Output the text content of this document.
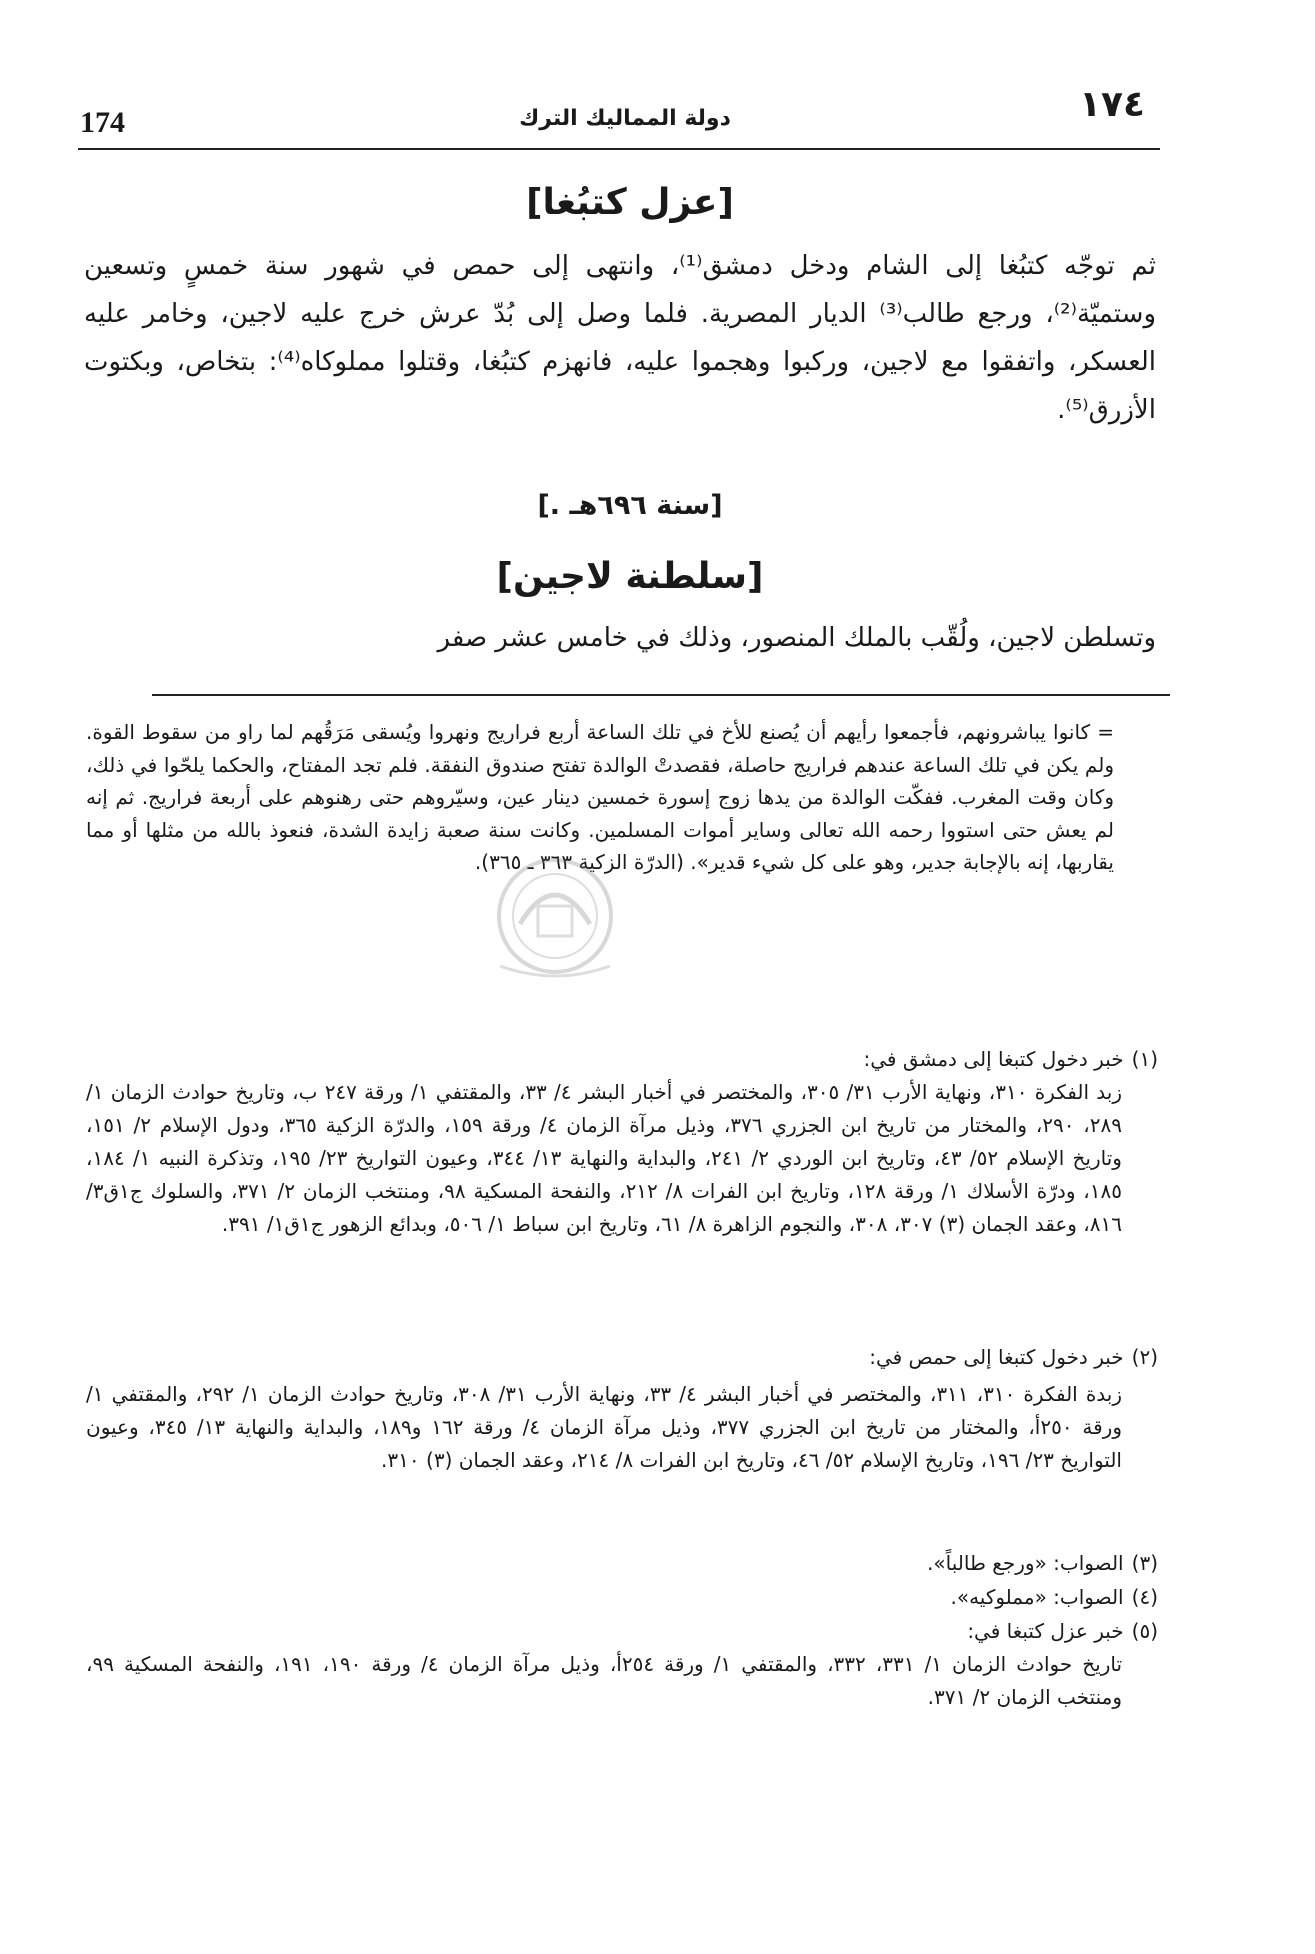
174	دولة المماليك الترك	١٧٤
[عزل كتبُغا]
ثم توجّه كتبُغا إلى الشام ودخل دمشق⁽¹⁾، وانتهى إلى حمص في شهور سنة خمسٍ وتسعين وستميّة⁽²⁾، ورجع طالب⁽³⁾ الديار المصرية. فلما وصل إلى بُدّ عرش خرج عليه لاجين، وخامر عليه العسكر، واتفقوا مع لاجين، وركبوا وهجموا عليه، فانهزم كتبُغا، وقتلوا مملوكاه⁽⁴⁾: بتخاص، وبكتوت الأزرق⁽⁵⁾.
[سنة ٦٩٦هـ .]
[سلطنة لاجين]
وتسلطن لاجين، ولُقّب بالملك المنصور، وذلك في خامس عشر صفر

= كانوا يباشرونهم، فأجمعوا رأيهم أن يُصنع للأخ في تلك الساعة أربع فراريج ونهروا ويُسقى مَرَقُهم لما راو من سقوط القوة. ولم يكن في تلك الساعة عندهم فراريج حاصلة، فقصدتْ الوالدة تفتح صندوق النفقة. فلم تجد المفتاح، والحكما يلحّوا في ذلك، وكان وقت المغرب. ففكّت الوالدة من يدها زوج إسورة خمسين دينار عين، وسيّروهم حتى رهنوهم على أربعة فراريج. ثم إنه لم يعش حتى استووا رحمه الله تعالى وساير أموات المسلمين. وكانت سنة صعبة زايدة الشدة، فنعوذ بالله من مثلها أو مما يقاربها، إنه بالإجابة جدير، وهو على كل شيء قدير». (الدرّة الزكية ٣٦٣ ـ ٣٦٥).

(١)خبر دخول كتبغا إلى دمشق في:

زبد الفكرة ٣١٠، ونهاية الأرب ٣١/ ٣٠٥، والمختصر في أخبار البشر ٤/ ٣٣، والمقتفي ١/ ورقة ٢٤٧ ب، وتاريخ حوادث الزمان ١/ ٢٨٩، ٢٩٠، والمختار من تاريخ ابن الجزري ٣٧٦، وذيل مرآة الزمان ٤/ ورقة ١٥٩، والدرّة الزكية ٣٦٥، ودول الإسلام ٢/ ١٥١، وتاريخ الإسلام ٥٢/ ٤٣، وتاريخ ابن الوردي ٢/ ٢٤١، والبداية والنهاية ١٣/ ٣٤٤، وعيون التواريخ ٢٣/ ١٩٥، وتذكرة النبيه ١/ ١٨٤، ١٨٥، ودرّة الأسلاك ١/ ورقة ١٢٨، وتاريخ ابن الفرات ٨/ ٢١٢، والنفحة المسكية ٩٨، ومنتخب الزمان ٢/ ٣٧١، والسلوك ج١ق٣/ ٨١٦، وعقد الجمان (٣) ٣٠٧، ٣٠٨، والنجوم الزاهرة ٨/ ٦١، وتاريخ ابن سباط ١/ ٥٠٦، وبدائع الزهور ج١ق١/ ٣٩١.

(٢)خبر دخول كتبغا إلى حمص في:

زبدة الفكرة ٣١٠، ٣١١، والمختصر في أخبار البشر ٤/ ٣٣، ونهاية الأرب ٣١/ ٣٠٨، وتاريخ حوادث الزمان ١/ ٢٩٢، والمقتفي ١/ ورقة ٢٥٠أ، والمختار من تاريخ ابن الجزري ٣٧٧، وذيل مرآة الزمان ٤/ ورقة ١٦٢ و١٨٩، والبداية والنهاية ١٣/ ٣٤٥، وعيون التواريخ ٢٣/ ١٩٦، وتاريخ الإسلام ٥٢/ ٤٦، وتاريخ ابن الفرات ٨/ ٢١٤، وعقد الجمان (٣) ٣١٠.

(٣)الصواب: «ورجع طالباً».
(٤)الصواب: «مملوكيه».
(٥)خبر عزل كتبغا في:

تاريخ حوادث الزمان ١/ ٣٣١، ٣٣٢، والمقتفي ١/ ورقة ٢٥٤أ، وذيل مرآة الزمان ٤/ ورقة ١٩٠، ١٩١، والنفحة المسكية ٩٩، ومنتخب الزمان ٢/ ٣٧١.
